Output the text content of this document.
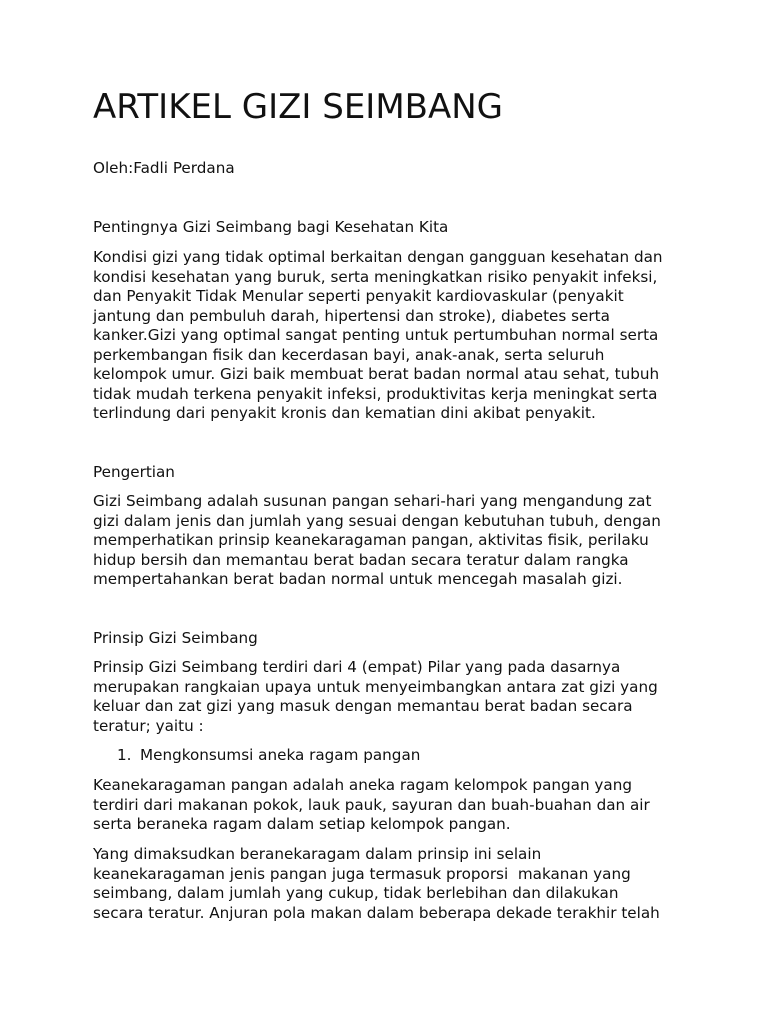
ARTIKEL GIZI SEIMBANG
Oleh:Fadli Perdana
Pentingnya Gizi Seimbang bagi Kesehatan Kita
Kondisi gizi yang tidak optimal berkaitan dengan gangguan kesehatan dan
kondisi kesehatan yang buruk, serta meningkatkan risiko penyakit infeksi,
dan Penyakit Tidak Menular seperti penyakit kardiovaskular (penyakit
jantung dan pembuluh darah, hipertensi dan stroke), diabetes serta
kanker.Gizi yang optimal sangat penting untuk pertumbuhan normal serta
perkembangan fisik dan kecerdasan bayi, anak-anak, serta seluruh
kelompok umur. Gizi baik membuat berat badan normal atau sehat, tubuh
tidak mudah terkena penyakit infeksi, produktivitas kerja meningkat serta
terlindung dari penyakit kronis dan kematian dini akibat penyakit.
Pengertian
Gizi Seimbang adalah susunan pangan sehari-hari yang mengandung zat
gizi dalam jenis dan jumlah yang sesuai dengan kebutuhan tubuh, dengan
memperhatikan prinsip keanekaragaman pangan, aktivitas fisik, perilaku
hidup bersih dan memantau berat badan secara teratur dalam rangka
mempertahankan berat badan normal untuk mencegah masalah gizi.
Prinsip Gizi Seimbang
Prinsip Gizi Seimbang terdiri dari 4 (empat) Pilar yang pada dasarnya
merupakan rangkaian upaya untuk menyeimbangkan antara zat gizi yang
keluar dan zat gizi yang masuk dengan memantau berat badan secara
teratur; yaitu :
1. Mengkonsumsi aneka ragam pangan
Keanekaragaman pangan adalah aneka ragam kelompok pangan yang
terdiri dari makanan pokok, lauk pauk, sayuran dan buah-buahan dan air
serta beraneka ragam dalam setiap kelompok pangan.
Yang dimaksudkan beranekaragam dalam prinsip ini selain
keanekaragaman jenis pangan juga termasuk proporsi  makanan yang
seimbang, dalam jumlah yang cukup, tidak berlebihan dan dilakukan
secara teratur. Anjuran pola makan dalam beberapa dekade terakhir telah
